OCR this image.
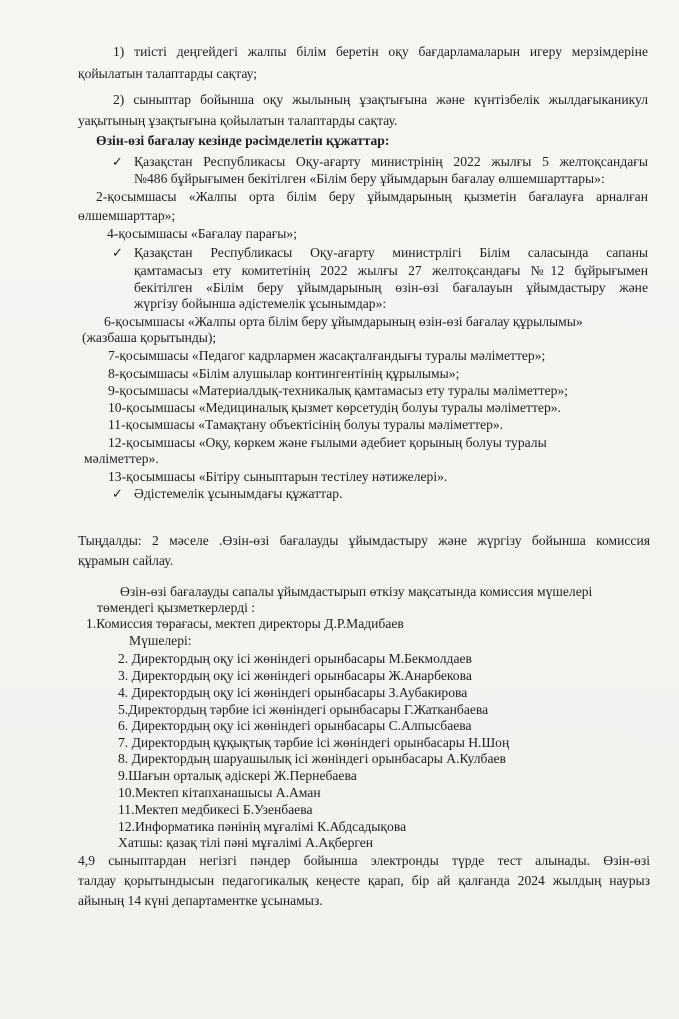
1) тиісті деңгейдегі жалпы білім беретін оқу бағдарламаларын игеру мерзімдеріне
қойылатын талаптарды сақтау;
2) сыныптар бойынша оқу жылының ұзақтығына және күнтізбелік жылдағыканикул
уақытының ұзақтығына қойылатын талаптарды сақтау.
Өзін-өзі бағалау кезінде рәсімделетін құжаттар:
✓ Қазақстан Республикасы Оқу-ағарту министрінің 2022 жылғы 5 желтоқсандағы
№486 бұйрығымен бекітілген «Білім беру ұйымдарын бағалау өлшемшарттары»:
2-қосымшасы «Жалпы орта білім беру ұйымдарының қызметін бағалауға арналған
өлшемшарттар»;
4-қосымшасы «Бағалау парағы»;
✓ Қазақстан Республикасы Оқу-ағарту министрлігі Білім саласында сапаны
қамтамасыз ету комитетінің 2022 жылғы 27 желтоқсандағы №12 бұйрығымен
бекітілген «Білім беру ұйымдарының өзін-өзі бағалауын ұйымдастыру және
жүргізу бойынша әдістемелік ұсынымдар»:
6-қосымшасы «Жалпы орта білім беру ұйымдарының өзін-өзі бағалау құрылымы»
(жазбаша қорытынды);
7-қосымшасы «Педагог кадрлармен жасақталғандығы туралы мәліметтер»;
8-қосымшасы «Білім алушылар контингентінің құрылымы»;
9-қосымшасы «Материалдық-техникалық қамтамасыз ету туралы мәліметтер»;
10-қосымшасы «Медициналық қызмет көрсетудің болуы туралы мәліметтер».
11-қосымшасы «Тамақтану объектісінің болуы туралы мәліметтер».
12-қосымшасы «Оқу, көркем және ғылыми әдебиет қорының болуы туралы
мәліметтер».
13-қосымшасы «Бітіру сыныптарын тестілеу нәтижелері».
✓ Әдістемелік ұсынымдағы құжаттар.
Тыңдалды: 2 мәселе .Өзін-өзі бағалауды ұйымдастыру және жүргізу бойынша комиссия
құрамын сайлау.
Өзін-өзі бағалауды сапалы ұйымдастырып өткізу мақсатында комиссия мүшелері
төмендегі қызметкерлерді :
1.Комиссия төрағасы, мектеп директоры Д.Р.Мадибаев
Мүшелері:
2. Директордың оқу ісі жөніндегі орынбасары М.Бекмолдаев
3. Директордың оқу ісі жөніндегі орынбасары Ж.Анарбекова
4. Директордың оқу ісі жөніндегі орынбасары З.Аубакирова
5.Директордың тәрбие ісі жөніндегі орынбасары Г.Жатканбаева
6. Директордың оқу ісі жөніндегі орынбасары С.Алпысбаева
7. Директордың құқықтық тәрбие ісі жөніндегі орынбасары Н.Шоң
8. Директордың шаруашылық ісі жөніндегі орынбасары А.Кулбаев
9.Шағын орталық әдіскері Ж.Пернебаева
10.Мектеп кітапханашысы А.Аман
11.Мектеп медбикесі Б.Узенбаева
12.Информатика пәнінің мұғалімі К.Абдсадықова
Хатшы: қазақ тілі пәні мұғалімі А.Ақберген
4,9 сыныптардан негізгі пәндер бойынша электронды түрде тест алынады. Өзін-өзі
талдау қорытындысын педагогикалық кеңесте қарап, бір ай қалғанда 2024 жылдың наурыз
айының 14 күні департаментке ұсынамыз.
